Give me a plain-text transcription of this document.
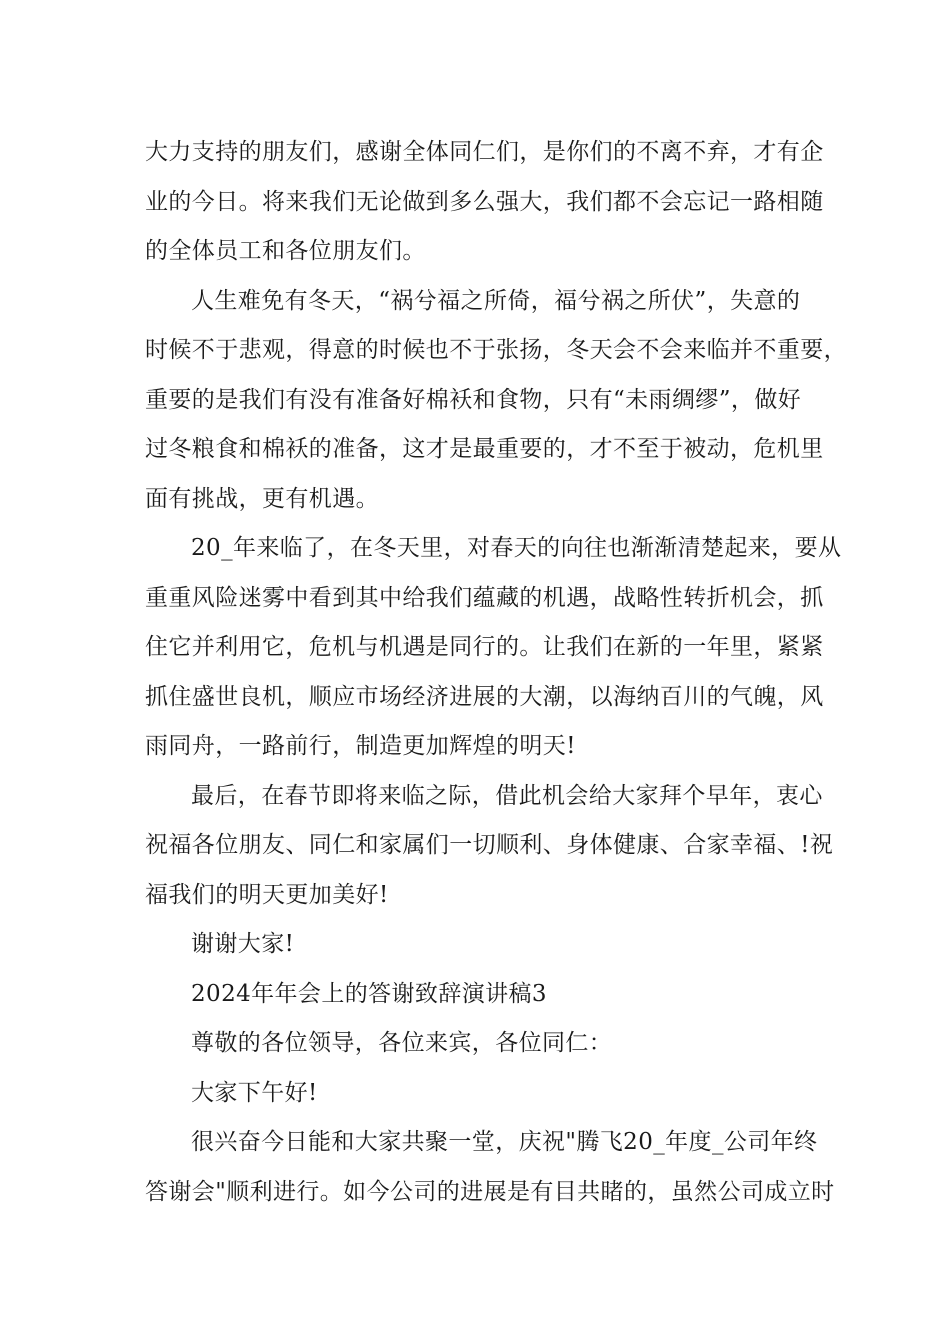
大力支持的朋友们，感谢全体同仁们，是你们的不离不弃，才有企
业的今日。将来我们无论做到多么强大，我们都不会忘记一路相随
的全体员工和各位朋友们。
人生难免有冬天，“祸兮福之所倚，福兮祸之所伏”，失意的
时候不于悲观，得意的时候也不于张扬，冬天会不会来临并不重要，
重要的是我们有没有准备好棉袄和食物，只有“未雨绸缪”，做好
过冬粮食和棉袄的准备，这才是最重要的，才不至于被动，危机里
面有挑战，更有机遇。
20_年来临了，在冬天里，对春天的向往也渐渐清楚起来，要从
重重风险迷雾中看到其中给我们蕴藏的机遇，战略性转折机会，抓
住它并利用它，危机与机遇是同行的。让我们在新的一年里，紧紧
抓住盛世良机，顺应市场经济进展的大潮，以海纳百川的气魄，风
雨同舟，一路前行，制造更加辉煌的明天!
最后，在春节即将来临之际，借此机会给大家拜个早年，衷心
祝福各位朋友、同仁和家属们一切顺利、身体健康、合家幸福、!祝
福我们的明天更加美好!
谢谢大家!
2024年年会上的答谢致辞演讲稿3
尊敬的各位领导，各位来宾，各位同仁：
大家下午好!
很兴奋今日能和大家共聚一堂，庆祝"腾飞20_年度_公司年终
答谢会"顺利进行。如今公司的进展是有目共睹的，虽然公司成立时
